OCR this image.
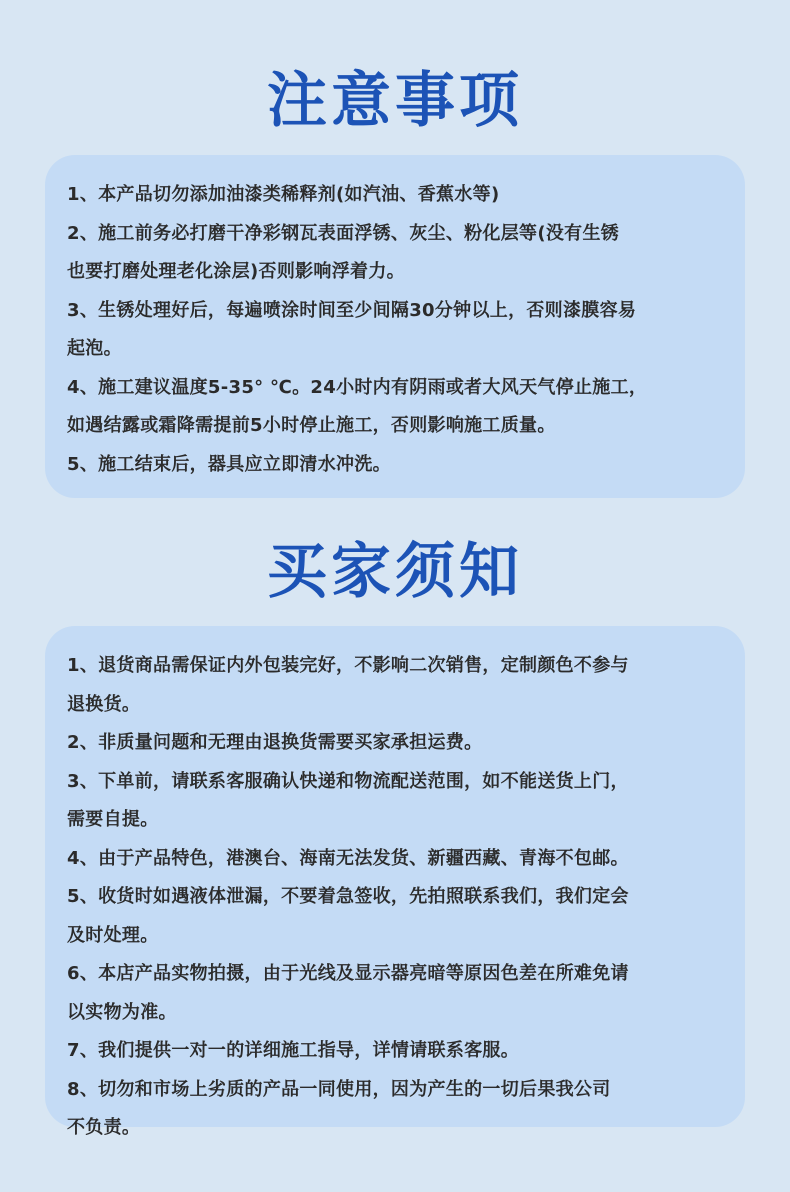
注意事项

1、本产品切勿添加油漆类稀释剂(如汽油、香蕉水等)

2、施工前务必打磨干净彩钢瓦表面浮锈、灰尘、粉化层等(没有生锈
也要打磨处理老化涂层)否则影响浮着力。

3、生锈处理好后，每遍喷涂时间至少间隔30分钟以上，否则漆膜容易
起泡。

4、施工建议温度5-35° ℃。24小时内有阴雨或者大风天气停止施工，
如遇结露或霜降需提前5小时停止施工，否则影响施工质量。

5、施工结束后，器具应立即清水冲洗。

买家须知

1、退货商品需保证内外包装完好，不影响二次销售，定制颜色不参与
退换货。

2、非质量问题和无理由退换货需要买家承担运费。

3、下单前，请联系客服确认快递和物流配送范围，如不能送货上门，
需要自提。

4、由于产品特色，港澳台、海南无法发货、新疆西藏、青海不包邮。

5、收货时如遇液体泄漏，不要着急签收，先拍照联系我们，我们定会
及时处理。

6、本店产品实物拍摄，由于光线及显示器亮暗等原因色差在所难免请
以实物为准。

7、我们提供一对一的详细施工指导，详情请联系客服。

8、切勿和市场上劣质的产品一同使用，因为产生的一切后果我公司
不负责。
